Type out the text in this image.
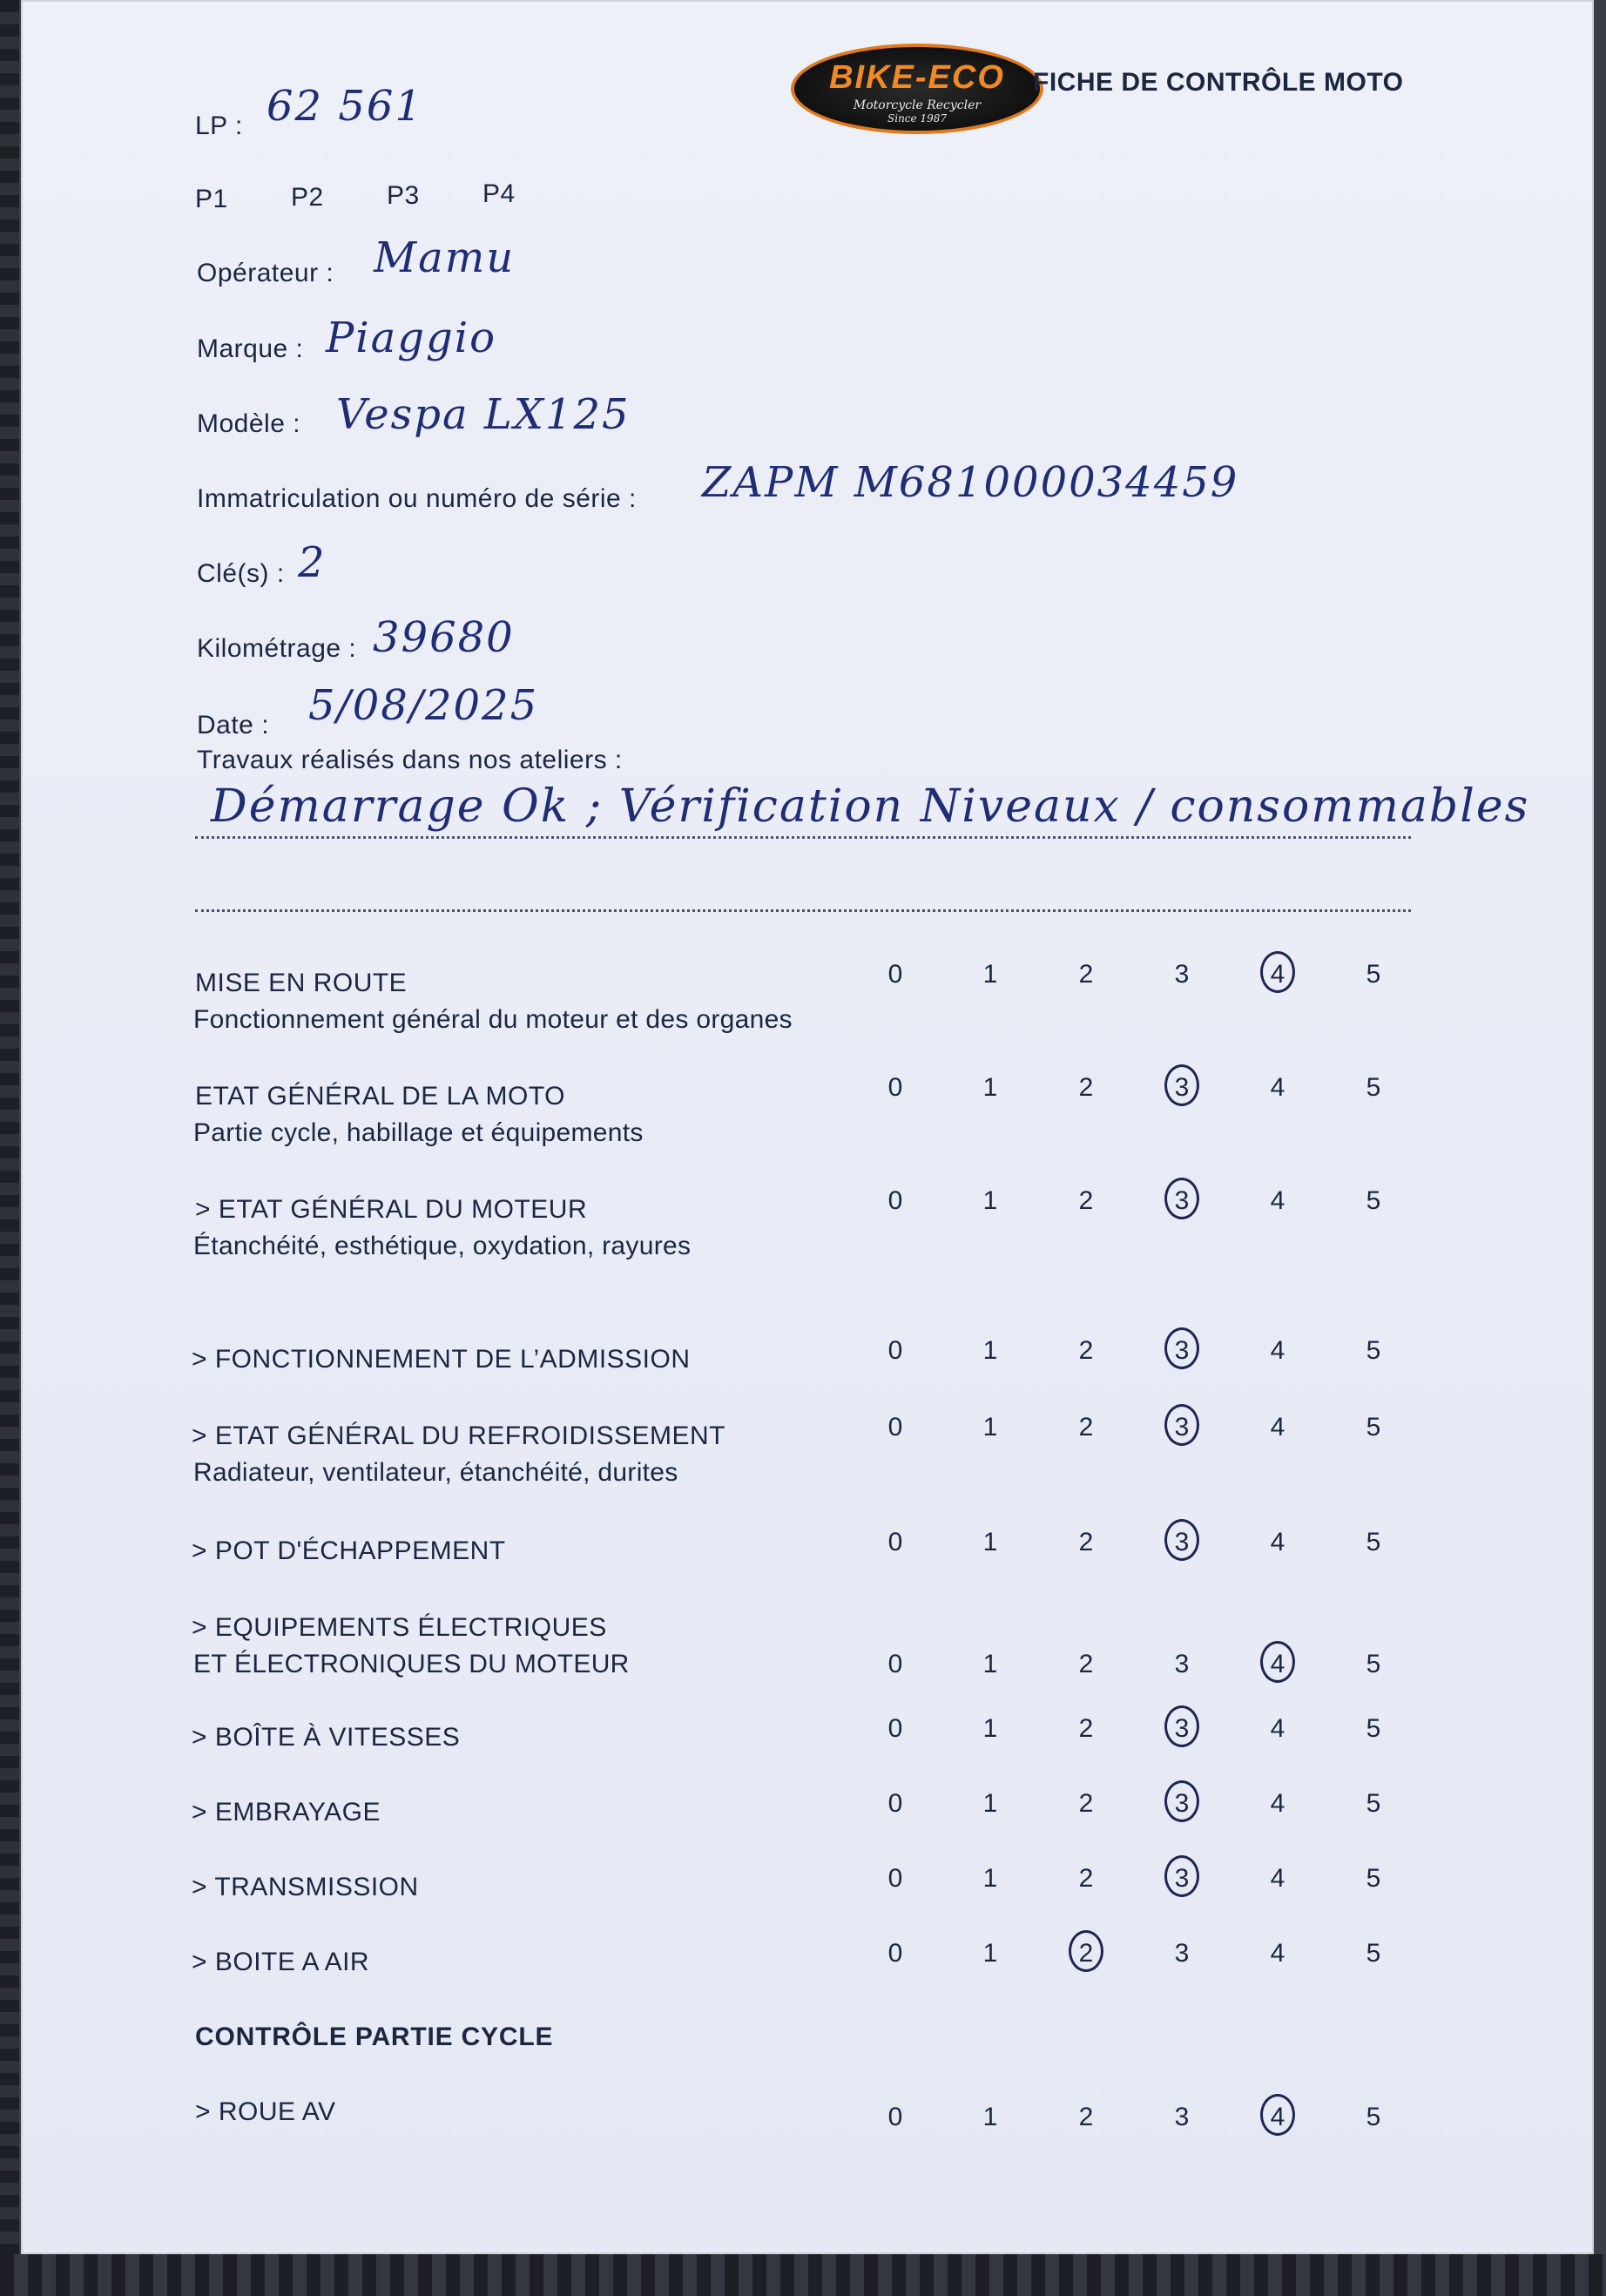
BIKE-ECO
Motorcycle Recycler
Since 1987
FICHE DE CONTRÔLE MOTO
LP : 62 561
P1 P2 P3 P4
Opérateur : Mamu
Marque : Piaggio
Modèle : Vespa LX125
Immatriculation ou numéro de série : ZAPM M681000034459
Clé(s) : 2
Kilométrage : 39680
Date : 5/08/2025
Travaux réalisés dans nos ateliers :
Démarrage Ok ; Vérification Niveaux / consommables
MISE EN ROUTE
Fonctionnement général du moteur et des organes
0	1	2	3	4	5
ETAT GÉNÉRAL DE LA MOTO
Partie cycle, habillage et équipements
0	1	2	3	4	5
> ETAT GÉNÉRAL DU MOTEUR
Étanchéité, esthétique, oxydation, rayures
0	1	2	3	4	5
> FONCTIONNEMENT DE L’ADMISSION	0	1	2	3	4	5
> ETAT GÉNÉRAL DU REFROIDISSEMENT
Radiateur, ventilateur, étanchéité, durites
0	1	2	3	4	5
> POT D'ÉCHAPPEMENT	0	1	2	3	4	5
> EQUIPEMENTS ÉLECTRIQUES
ET ÉLECTRONIQUES DU MOTEUR	0	1	2	3	4	5
> BOÎTE À VITESSES	0	1	2	3	4	5
> EMBRAYAGE	0	1	2	3	4	5
> TRANSMISSION	0	1	2	3	4	5
> BOITE A AIR	0	1	2	3	4	5
CONTRÔLE PARTIE CYCLE
> ROUE AV	0	1	2	3	4	5
